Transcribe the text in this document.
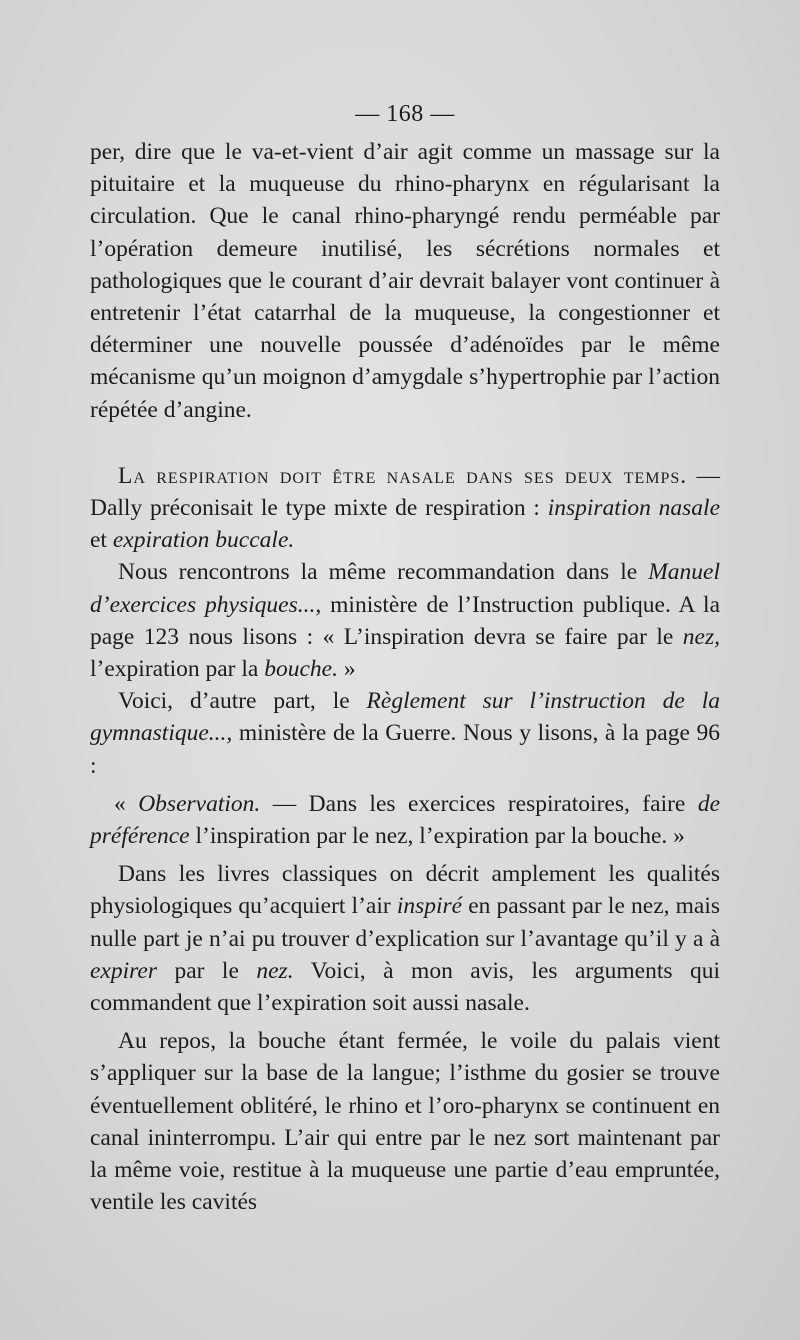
— 168 —

per, dire que le va-et-vient d’air agit comme un massage sur la pituitaire et la muqueuse du rhino-pharynx en régularisant la circulation. Que le canal rhino-pharyngé rendu perméable par l’opération demeure inutilisé, les sécrétions normales et pathologiques que le courant d’air devrait balayer vont continuer à entretenir l’état catarrhal de la muqueuse, la congestionner et déterminer une nouvelle poussée d’adénoïdes par le même mécanisme qu’un moignon d’amygdale s’hypertrophie par l’action répétée d’angine.

La respiration doit être nasale dans ses deux temps. — Dally préconisait le type mixte de respiration : inspiration nasale et expiration buccale.

Nous rencontrons la même recommandation dans le Manuel d’exercices physiques..., ministère de l’Instruction publique. A la page 123 nous lisons : « L’inspiration devra se faire par le nez, l’expiration par la bouche. »

Voici, d’autre part, le Règlement sur l’instruction de la gymnastique..., ministère de la Guerre. Nous y lisons, à la page 96 :

« Observation. — Dans les exercices respiratoires, faire de préférence l’inspiration par le nez, l’expiration par la bouche. »

Dans les livres classiques on décrit amplement les qualités physiologiques qu’acquiert l’air inspiré en passant par le nez, mais nulle part je n’ai pu trouver d’explication sur l’avantage qu’il y a à expirer par le nez. Voici, à mon avis, les arguments qui commandent que l’expiration soit aussi nasale.

Au repos, la bouche étant fermée, le voile du palais vient s’appliquer sur la base de la langue; l’isthme du gosier se trouve éventuellement oblitéré, le rhino et l’oro-pharynx se continuent en canal ininterrompu. L’air qui entre par le nez sort maintenant par la même voie, restitue à la muqueuse une partie d’eau empruntée, ventile les cavités
